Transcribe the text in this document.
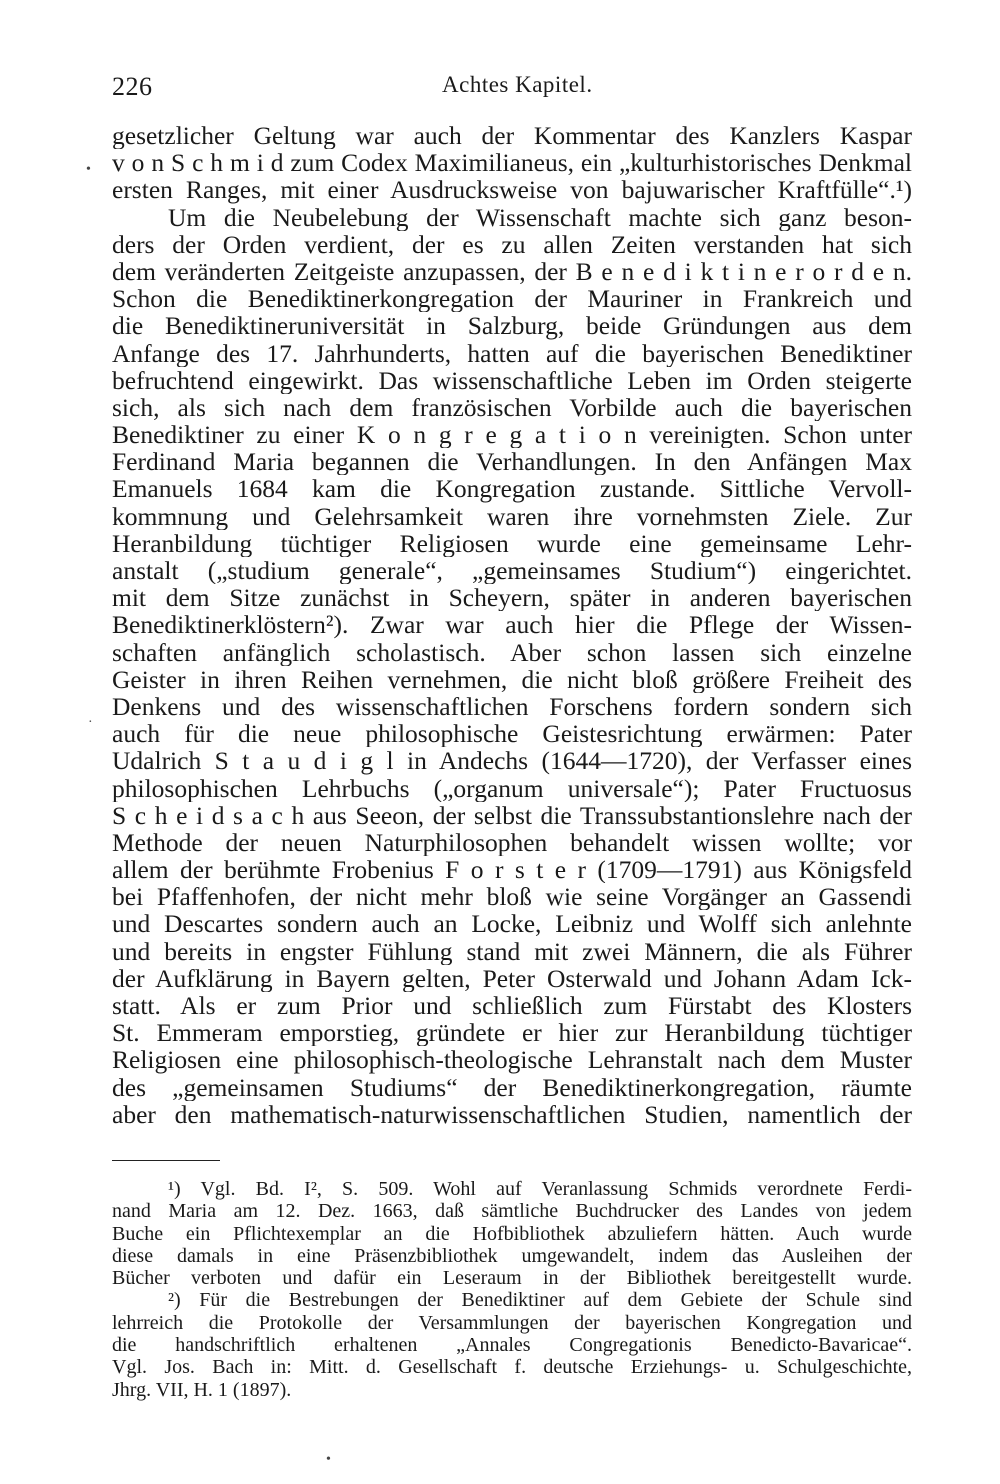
226	Achtes Kapitel.
gesetzlicher Geltung war auch der Kommentar des Kanzlers Kaspar
v o n S c h m i d zum Codex Maximilianeus, ein „kulturhistorisches Denkmal
ersten Ranges, mit einer Ausdrucksweise von bajuwarischer Kraftfülle“.¹)
Um die Neubelebung der Wissenschaft machte sich ganz beson-
ders der Orden verdient, der es zu allen Zeiten verstanden hat sich
dem veränderten Zeitgeiste anzupassen, der B e n e d i k t i n e r o r d e n.
Schon die Benediktinerkongregation der Mauriner in Frankreich und
die Benediktineruniversität in Salzburg, beide Gründungen aus dem
Anfange des 17. Jahrhunderts, hatten auf die bayerischen Benediktiner
befruchtend eingewirkt. Das wissenschaftliche Leben im Orden steigerte
sich, als sich nach dem französischen Vorbilde auch die bayerischen
Benediktiner zu einer K o n g r e g a t i o n vereinigten. Schon unter
Ferdinand Maria begannen die Verhandlungen. In den Anfängen Max
Emanuels 1684 kam die Kongregation zustande. Sittliche Vervoll-
kommnung und Gelehrsamkeit waren ihre vornehmsten Ziele. Zur
Heranbildung tüchtiger Religiosen wurde eine gemeinsame Lehr-
anstalt („studium generale“, „gemeinsames Studium“) eingerichtet.
mit dem Sitze zunächst in Scheyern, später in anderen bayerischen
Benediktinerklöstern²). Zwar war auch hier die Pflege der Wissen-
schaften anfänglich scholastisch. Aber schon lassen sich einzelne
Geister in ihren Reihen vernehmen, die nicht bloß größere Freiheit des
Denkens und des wissenschaftlichen Forschens fordern sondern sich
auch für die neue philosophische Geistesrichtung erwärmen: Pater
Udalrich S t a u d i g l in Andechs (1644—1720), der Verfasser eines
philosophischen Lehrbuchs („organum universale“); Pater Fructuosus
S c h e i d s a c h aus Seeon, der selbst die Transsubstantionslehre nach der
Methode der neuen Naturphilosophen behandelt wissen wollte; vor
allem der berühmte Frobenius F o r s t e r (1709—1791) aus Königsfeld
bei Pfaffenhofen, der nicht mehr bloß wie seine Vorgänger an Gassendi
und Descartes sondern auch an Locke, Leibniz und Wolff sich anlehnte
und bereits in engster Fühlung stand mit zwei Männern, die als Führer
der Aufklärung in Bayern gelten, Peter Osterwald und Johann Adam Ick-
statt. Als er zum Prior und schließlich zum Fürstabt des Klosters
St. Emmeram emporstieg, gründete er hier zur Heranbildung tüchtiger
Religiosen eine philosophisch-theologische Lehranstalt nach dem Muster
des „gemeinsamen Studiums“ der Benediktinerkongregation, räumte
aber den mathematisch-naturwissenschaftlichen Studien, namentlich der
¹) Vgl. Bd. I², S. 509. Wohl auf Veranlassung Schmids verordnete Ferdi-
nand Maria am 12. Dez. 1663, daß sämtliche Buchdrucker des Landes von jedem
Buche ein Pflichtexemplar an die Hofbibliothek abzuliefern hätten. Auch wurde
diese damals in eine Präsenzbibliothek umgewandelt, indem das Ausleihen der
Bücher verboten und dafür ein Leseraum in der Bibliothek bereitgestellt wurde.
²) Für die Bestrebungen der Benediktiner auf dem Gebiete der Schule sind
lehrreich die Protokolle der Versammlungen der bayerischen Kongregation und
die handschriftlich erhaltenen „Annales Congregationis Benedicto-Bavaricae“.
Vgl. Jos. Bach in: Mitt. d. Gesellschaft f. deutsche Erziehungs- u. Schulgeschichte,
Jhrg. VII, H. 1 (1897).
•
·
•
